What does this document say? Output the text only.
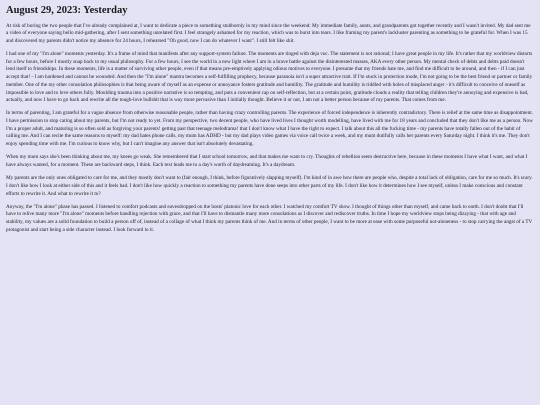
August 29, 2023: Yesterday

At risk of boring the two people that I've already complained at, I want to dedicate a piece to something stubbornly in my mind since the weekend: My immediate family, aunts, and grandparents got together recently and I wasn't invited. My dad sent me a video of everyone saying hello mid-gathering, after I sent something unrelated first. I feel strangely ashamed for my reaction, which was to burst into tears. I like framing my parent's lackluster parenting as something to be grateful for. When I was 15 and discovered my parents didn't notice my absence for 24 hours, I rehearsed "Oh good, now I can do whatever I want". I still felt like shit.

I had one of my "I'm alone" moments yesterday. It's a frame of mind that manifests after any support-system failure. The moments are tinged with deja vuc. The statement is not rational; I have great people in my life. It's rather that my worldview distorts for a few hours, before I mostly snap back to my usual philosophy. For a few hours, I see the world in a new light where I am in a brave battle against the disinterested masses, AKA every other person. My mental check of debts and debts paid doesn't lend itself to friendships. In these moments, life is a matter of surviving other people, even if that means pre-emptively applying odious motives to everyone. I presume that my friends hate me, and find me difficult to be around, and then - if I can just accept that! - I am hardened and cannot be wounded. And then the "I'm alone" mantra becomes a self-fulfilling prophecy, because paranoia isn't a super attractive trait. If I'm stuck in protection mode, I'm not going to be the best friend or partner or family member. One of the my other consolation philosophies is that being aware of myself as an expense or annoyance fosters gratitude and humility. The gratitude and humility is riddled with holes of misplaced anger - it's difficult to conceive of oneself as impossible to love and to love others fully. Moulding trauma into a positive narrative is so tempting, and puts a convenient cap on self-reflection, but at a certain point, gratitude clouds a reality that telling children they're annoying and expensive is bad, actually, and now I have to go back and rewrite all the tough-love bullshit that is way more pervasive than I initially thought. Believe it or not, I am not a better person because of my parents. That comes from me.

In terms of parenting, I am grateful for a vague absence from otherwise reasonable people, rather than having crazy controlling parents. The experience of forced independence is inherently contradictory. There is relief at the same time as disappointment. I have permission to stop caring about my parents, but I'm not ready to yet. From my perspective, two decent people, who have lived lives I thought worth modelling, have lived with me for 18 years and concluded that they don't like me as a person. Now I'm a proper adult, and maturing is so often sold as forgiving your parents! getting past that teenage melodrama! that I don't know what I have the right to expect. I talk about this all the fucking time - my parents have totally fallen out of the habit of calling me. And I can recite the same reasons to myself: my dad hates phone calls, my mum has ADHD - but my dad plays video games via voice call twice a week, and my mum dutifully calls her parents every Saturday night. I think it's me. They don't enjoy spending time with me. I'm curious to know why, but I can't imagine any answer that isn't absolutely devastating.

When my mum says she's been thinking about me, my knees go weak. She remembered that I start school tomorrow, and that makes me want to cry. Thoughts of rebellion seem destructive here, because in these moments I have what I want, and what I have always wanted, for a moment. These are backward steps, I think. Each text leads me to a day's worth of daydreaming. It's a daydream.

My parents are the only ones obligated to care for me, and they mostly don't want to (fair enough, I think, before figuratively slapping myself). I'm kind of in awe how there are people who, despite a total lack of obligation, care for me so much. It's scary. I don't like how I look at either side of this and it feels bad. I don't like how quickly a reaction to something my parents have done seeps into other parts of my life. I don't like how it determines how I see myself, unless I make conscious and constant efforts to rewrite it. And what to rewrite it to?

Anyway, the "I'm alone" phase has passed. I listened to comfort podcasts and eavesdropped on the hosts' platonic love for each other. I watched my comfort TV show. I thought of things other than myself, and came back to earth. I don't doubt that I'll have to relive many more "I'm alone" moments before handling rejection with grace, and that I'll have to dismantle many more consolations as I discover and rediscover truths. In time I hope my worldview stops being dizzying - that with age and stability, my values are a solid foundation to build a person off of, instead of a collage of what I think my parents think of me. And in terms of other people, I want to be more at ease with some purposeful not-aloneness - to stop carrying the angst of a TV protagonist and start being a side character instead. I look forward to it.
